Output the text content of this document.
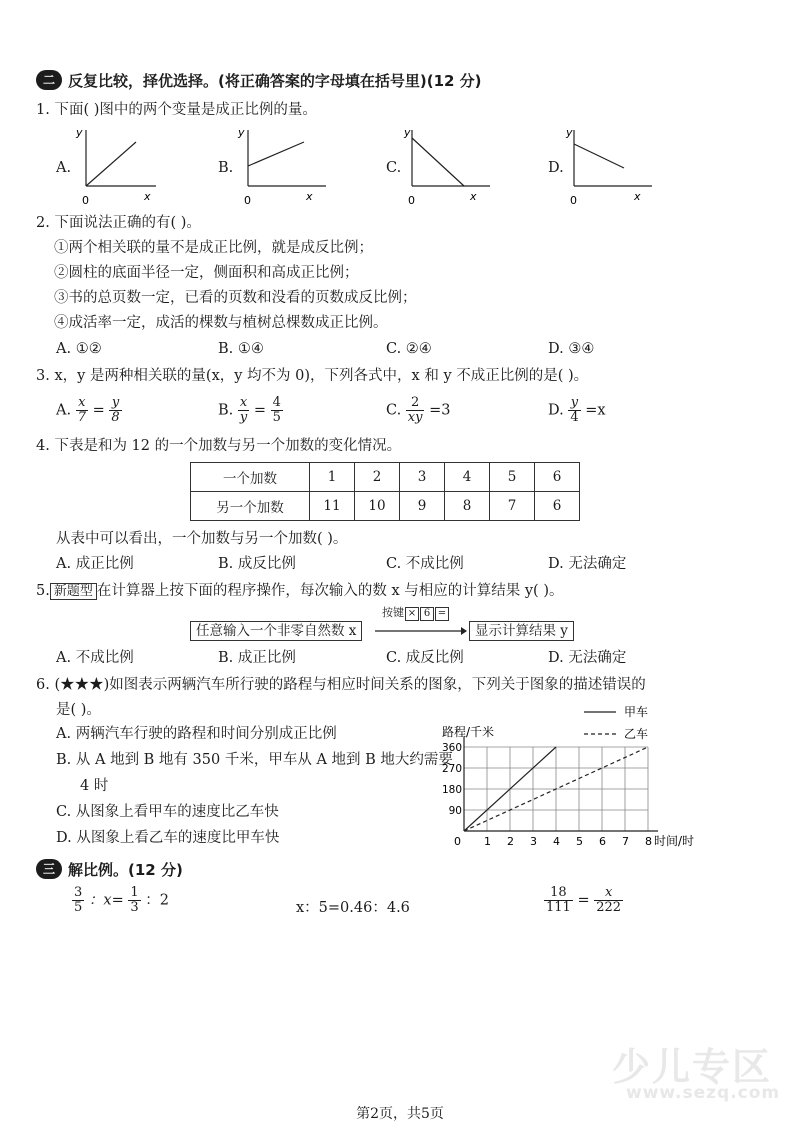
二 反复比较，择优选择。(将正确答案的字母填在括号里)(12 分)
1. 下面( )图中的两个变量是成正比例的量。
A.
y
x
0
B.
y
x
0
C.
y
x
0
D.
y
x
0
2. 下面说法正确的有( )。
①两个相关联的量不是成正比例，就是成反比例；
②圆柱的底面半径一定，侧面积和高成正比例；
③书的总页数一定，已看的页数和没看的页数成反比例；
④成活率一定，成活的棵数与植树总棵数成正比例。
A. ①②	B. ①④	C. ②④	D. ③④
3. x，y 是两种相关联的量(x，y 均不为 0)，下列各式中，x 和 y 不成正比例的是( )。
A. $\frac{x}{7} = \frac{y}{8}$	B. $\frac{x}{y} = \frac{4}{5}$	C. $\frac{2}{xy} =3$	D. $\frac{y}{4} =x$
4. 下表是和为 12 的一个加数与另一个加数的变化情况。
一个加数	1	2	3	4	5	6
另一个加数	11	10	9	8	7	6
从表中可以看出，一个加数与另一个加数( )。
A. 成正比例	B. 成反比例	C. 不成比例	D. 无法确定
5. 新题型 在计算器上按下面的程序操作，每次输入的数 x 与相应的计算结果 y( )。
任意输入一个非零自然数 x
按键 × 6 =
显示计算结果 y
A. 不成比例	B. 成正比例	C. 成反比例	D. 无法确定
6. (★★★)如图表示两辆汽车所行驶的路程与相应时间关系的图象，下列关于图象的描述错误的
是( )。
A. 两辆汽车行驶的路程和时间分别成正比例
B. 从 A 地到 B 地有 350 千米，甲车从 A 地到 B 地大约需要
4 时
C. 从图象上看甲车的速度比乙车快
D. 从图象上看乙车的速度比甲车快	0 1 2 3 4 5 6 7 8
90
180
270
360
路程/千米
时间/时
甲车
乙车
三 解比例。(12 分)
$\frac{3}{5}$ ：$x= \frac{1}{3}$ ：2	x：5=0.46：4.6	$\frac{18}{111} = \frac{x}{222}$
少儿专区
www.sezq.com
第2页，共5页
